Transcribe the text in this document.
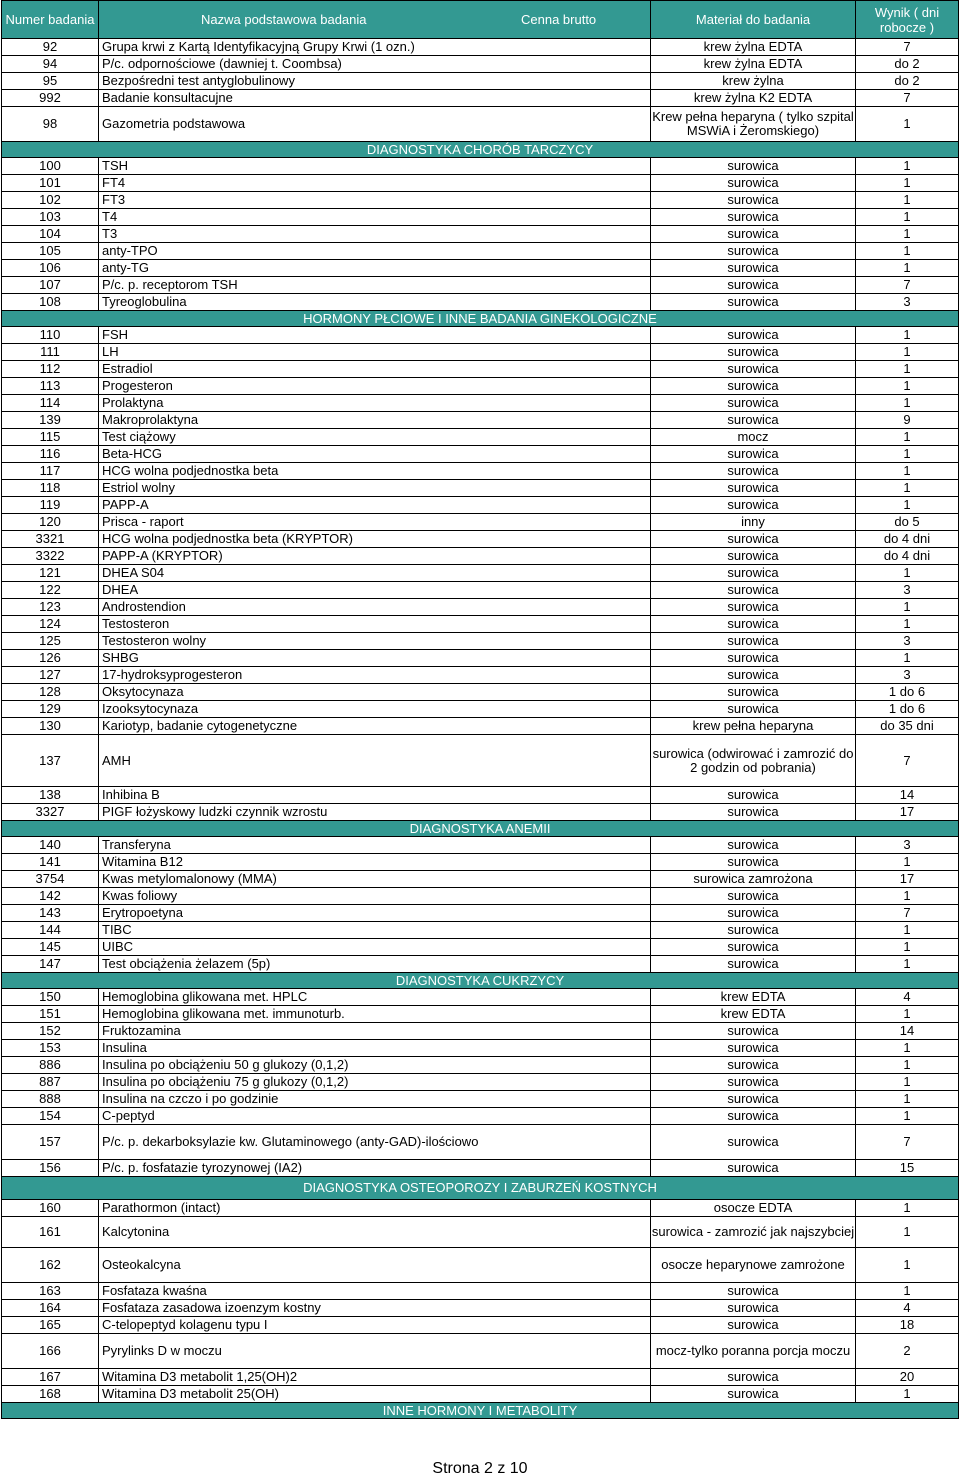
Numer badania	Nazwa podstawowa badania Cenna brutto	Materiał do badania	Wynik ( dni robocze )
92	Grupa krwi z Kartą Identyfikacyjną Grupy Krwi (1 ozn.)	krew żylna EDTA	7
94	P/c. odpornościowe (dawniej t. Coombsa)	krew żylna EDTA	do 2
95	Bezpośredni test antyglobulinowy	krew żylna	do 2
992	Badanie konsultacujne	krew żylna K2 EDTA	7
98	Gazometria podstawowa	Krew pełna heparyna ( tylko szpital MSWiA i Żeromskiego)	1
DIAGNOSTYKA CHORÓB TARCZYCY			
100	TSH	surowica	1
101	FT4	surowica	1
102	FT3	surowica	1
103	T4	surowica	1
104	T3	surowica	1
105	anty-TPO	surowica	1
106	anty-TG	surowica	1
107	P/c. p. receptorom TSH	surowica	7
108	Tyreoglobulina	surowica	3
HORMONY PŁCIOWE I INNE BADANIA GINEKOLOGICZNE			
110	FSH	surowica	1
111	LH	surowica	1
112	Estradiol	surowica	1
113	Progesteron	surowica	1
114	Prolaktyna	surowica	1
139	Makroprolaktyna	surowica	9
115	Test ciążowy	mocz	1
116	Beta-HCG	surowica	1
117	HCG wolna podjednostka beta	surowica	1
118	Estriol wolny	surowica	1
119	PAPP-A	surowica	1
120	Prisca - raport	inny	do 5
3321	HCG wolna podjednostka beta (KRYPTOR)	surowica	do 4 dni
3322	PAPP-A (KRYPTOR)	surowica	do 4 dni
121	DHEA S04	surowica	1
122	DHEA	surowica	3
123	Androstendion	surowica	1
124	Testosteron	surowica	1
125	Testosteron wolny	surowica	3
126	SHBG	surowica	1
127	17-hydroksyprogesteron	surowica	3
128	Oksytocynaza	surowica	1 do 6
129	Izooksytocynaza	surowica	1 do 6
130	Kariotyp, badanie cytogenetyczne	krew pełna heparyna	do 35 dni
137	AMH	surowica (odwirować i zamrozić do 2 godzin od pobrania)	7
138	Inhibina B	surowica	14
3327	PIGF łożyskowy ludzki czynnik wzrostu	surowica	17
DIAGNOSTYKA ANEMII			
140	Transferyna	surowica	3
141	Witamina B12	surowica	1
3754	Kwas metylomalonowy (MMA)	surowica zamrożona	17
142	Kwas foliowy	surowica	1
143	Erytropoetyna	surowica	7
144	TIBC	surowica	1
145	UIBC	surowica	1
147	Test obciążenia żelazem (5p)	surowica	1
DIAGNOSTYKA CUKRZYCY			
150	Hemoglobina glikowana met. HPLC	krew EDTA	4
151	Hemoglobina glikowana met. immunoturb.	krew EDTA	1
152	Fruktozamina	surowica	14
153	Insulina	surowica	1
886	Insulina po obciążeniu 50 g glukozy (0,1,2)	surowica	1
887	Insulina po obciążeniu 75 g glukozy (0,1,2)	surowica	1
888	Insulina na czczo i po godzinie	surowica	1
154	C-peptyd	surowica	1
157	P/c. p. dekarboksylazie kw. Glutaminowego (anty-GAD)-ilościowo	surowica	7
156	P/c. p. fosfatazie tyrozynowej (IA2)	surowica	15
DIAGNOSTYKA OSTEOPOROZY I ZABURZEŃ KOSTNYCH			
160	Parathormon (intact)	osocze EDTA	1
161	Kalcytonina	surowica - zamrozić jak najszybciej	1
162	Osteokalcyna	osocze heparynowe zamrożone	1
163	Fosfataza kwaśna	surowica	1
164	Fosfataza zasadowa izoenzym kostny	surowica	4
165	C-telopeptyd kolagenu typu I	surowica	18
166	Pyrylinks D w moczu	mocz-tylko poranna porcja moczu	2
167	Witamina D3 metabolit 1,25(OH)2	surowica	20
168	Witamina D3 metabolit 25(OH)	surowica	1
INNE HORMONY I METABOLITY			
Strona 2 z 10
